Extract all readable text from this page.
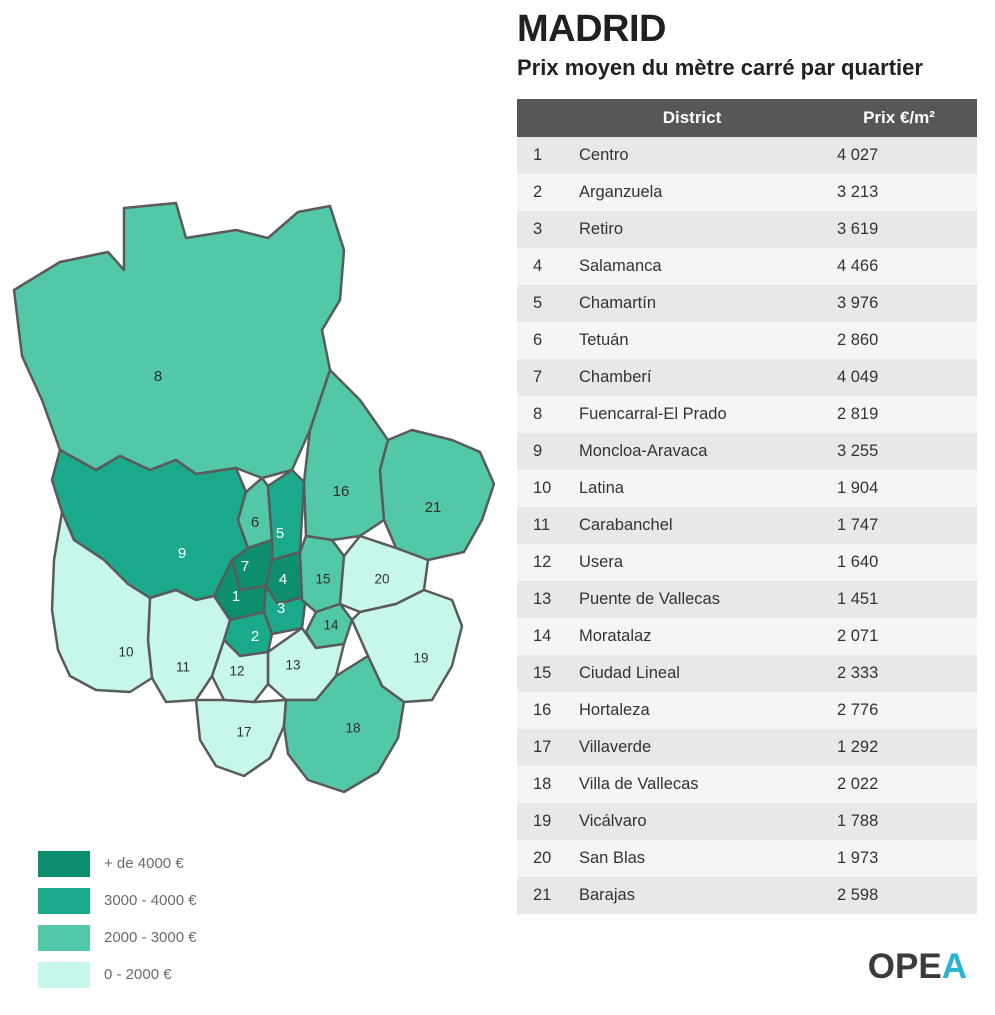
8
9
6
5
16
21
7
4
1
3
2
15	20
14
19
10
11	12	13
17	18
+ de 4000 €
3000 - 4000 €
2000 - 3000 €
0 - 2000 €
MADRID
Prix moyen du mètre carré par quartier
	District	Prix €/m²
1	Centro	4 027
2	Arganzuela	3 213
3	Retiro	3 619
4	Salamanca	4 466
5	Chamartín	3 976
6	Tetuán	2 860
7	Chamberí	4 049
8	Fuencarral-El Prado	2 819
9	Moncloa-Aravaca	3 255
10	Latina	1 904
11	Carabanchel	1 747
12	Usera	1 640
13	Puente de Vallecas	1 451
14	Moratalaz	2 071
15	Ciudad Lineal	2 333
16	Hortaleza	2 776
17	Villaverde	1 292
18	Villa de Vallecas	2 022
19	Vicálvaro	1 788
20	San Blas	1 973
21	Barajas	2 598
OPEA
